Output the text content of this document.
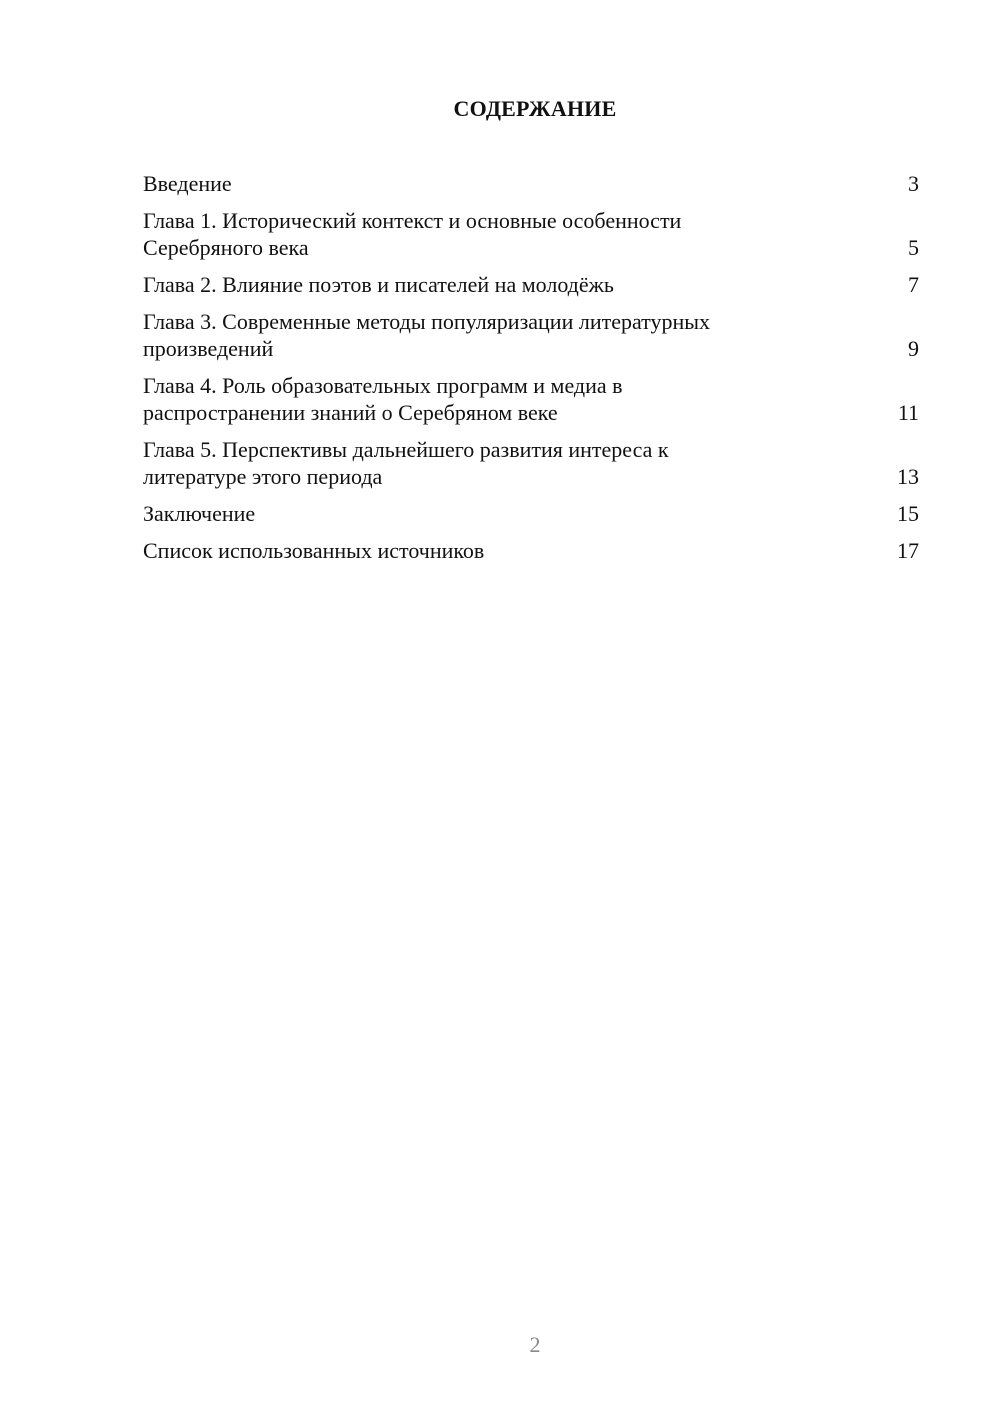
СОДЕРЖАНИЕ
Введение	3
Глава 1. Исторический контекст и основные особенности
Серебряного века	5
Глава 2. Влияние поэтов и писателей на молодёжь	7
Глава 3. Современные методы популяризации литературных
произведений	9
Глава 4. Роль образовательных программ и медиа в
распространении знаний о Серебряном веке	11
Глава 5. Перспективы дальнейшего развития интереса к
литературе этого периода	13
Заключение	15
Список использованных источников	17

2
